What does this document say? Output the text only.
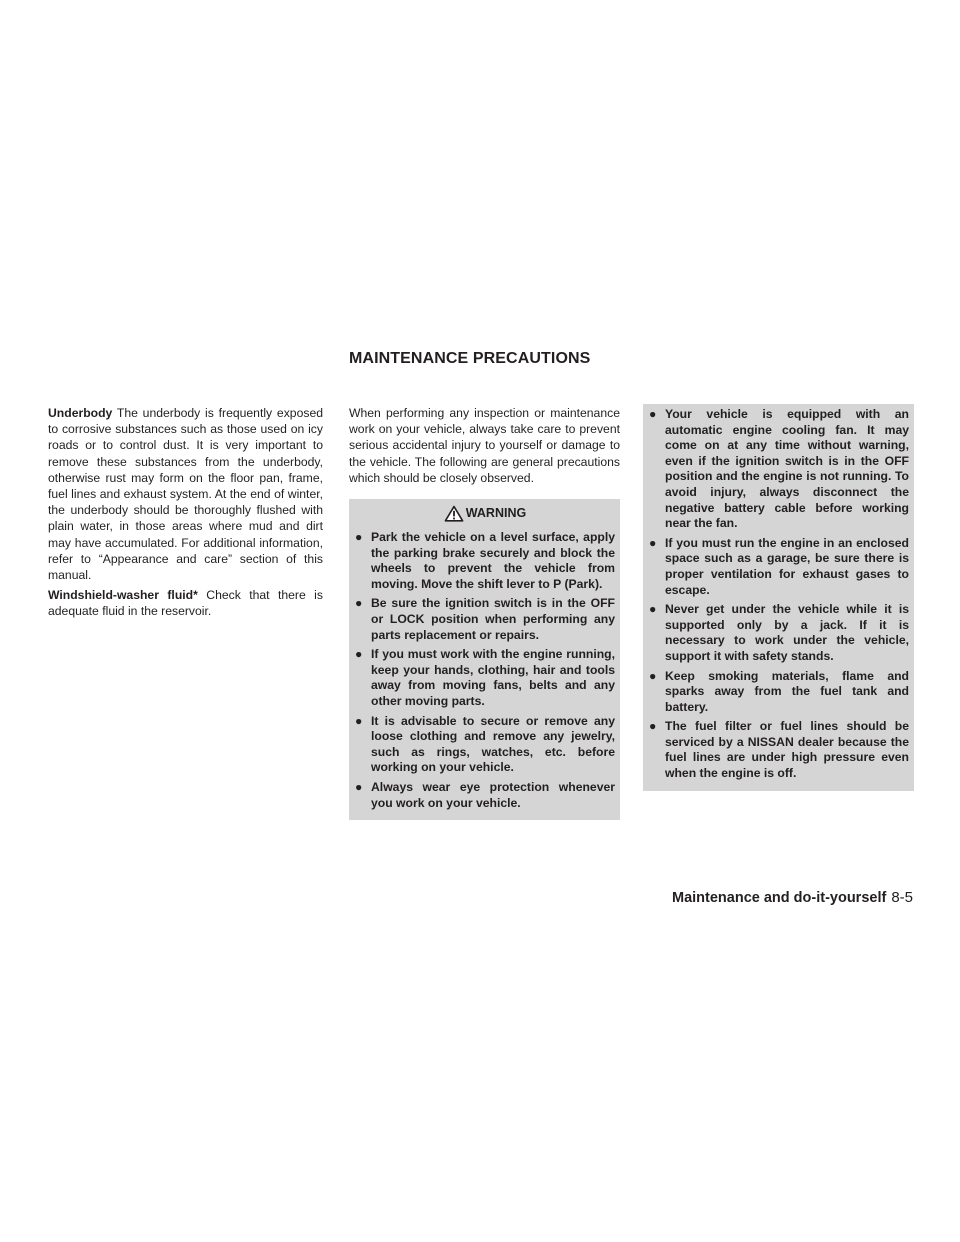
MAINTENANCE PRECAUTIONS

Underbody The underbody is frequently exposed to corrosive substances such as those used on icy roads or to control dust. It is very important to remove these substances from the underbody, otherwise rust may form on the floor pan, frame, fuel lines and exhaust system. At the end of winter, the underbody should be thoroughly flushed with plain water, in those areas where mud and dirt may have accumulated. For additional information, refer to “Appearance and care” section of this manual.

Windshield-washer fluid* Check that there is adequate fluid in the reservoir.

When performing any inspection or maintenance work on your vehicle, always take care to prevent serious accidental injury to yourself or damage to the vehicle. The following are general precautions which should be closely observed.

WARNING
● Park the vehicle on a level surface, apply the parking brake securely and block the wheels to prevent the vehicle from moving. Move the shift lever to P (Park).
● Be sure the ignition switch is in the OFF or LOCK position when performing any parts replacement or repairs.
● If you must work with the engine running, keep your hands, clothing, hair and tools away from moving fans, belts and any other moving parts.
● It is advisable to secure or remove any loose clothing and remove any jewelry, such as rings, watches, etc. before working on your vehicle.
● Always wear eye protection whenever you work on your vehicle.
● Your vehicle is equipped with an automatic engine cooling fan. It may come on at any time without warning, even if the ignition switch is in the OFF position and the engine is not running. To avoid injury, always disconnect the negative battery cable before working near the fan.
● If you must run the engine in an enclosed space such as a garage, be sure there is proper ventilation for exhaust gases to escape.
● Never get under the vehicle while it is supported only by a jack. If it is necessary to work under the vehicle, support it with safety stands.
● Keep smoking materials, flame and sparks away from the fuel tank and battery.
● The fuel filter or fuel lines should be serviced by a NISSAN dealer because the fuel lines are under high pressure even when the engine is off.
Maintenance and do-it-yourself 8-5
